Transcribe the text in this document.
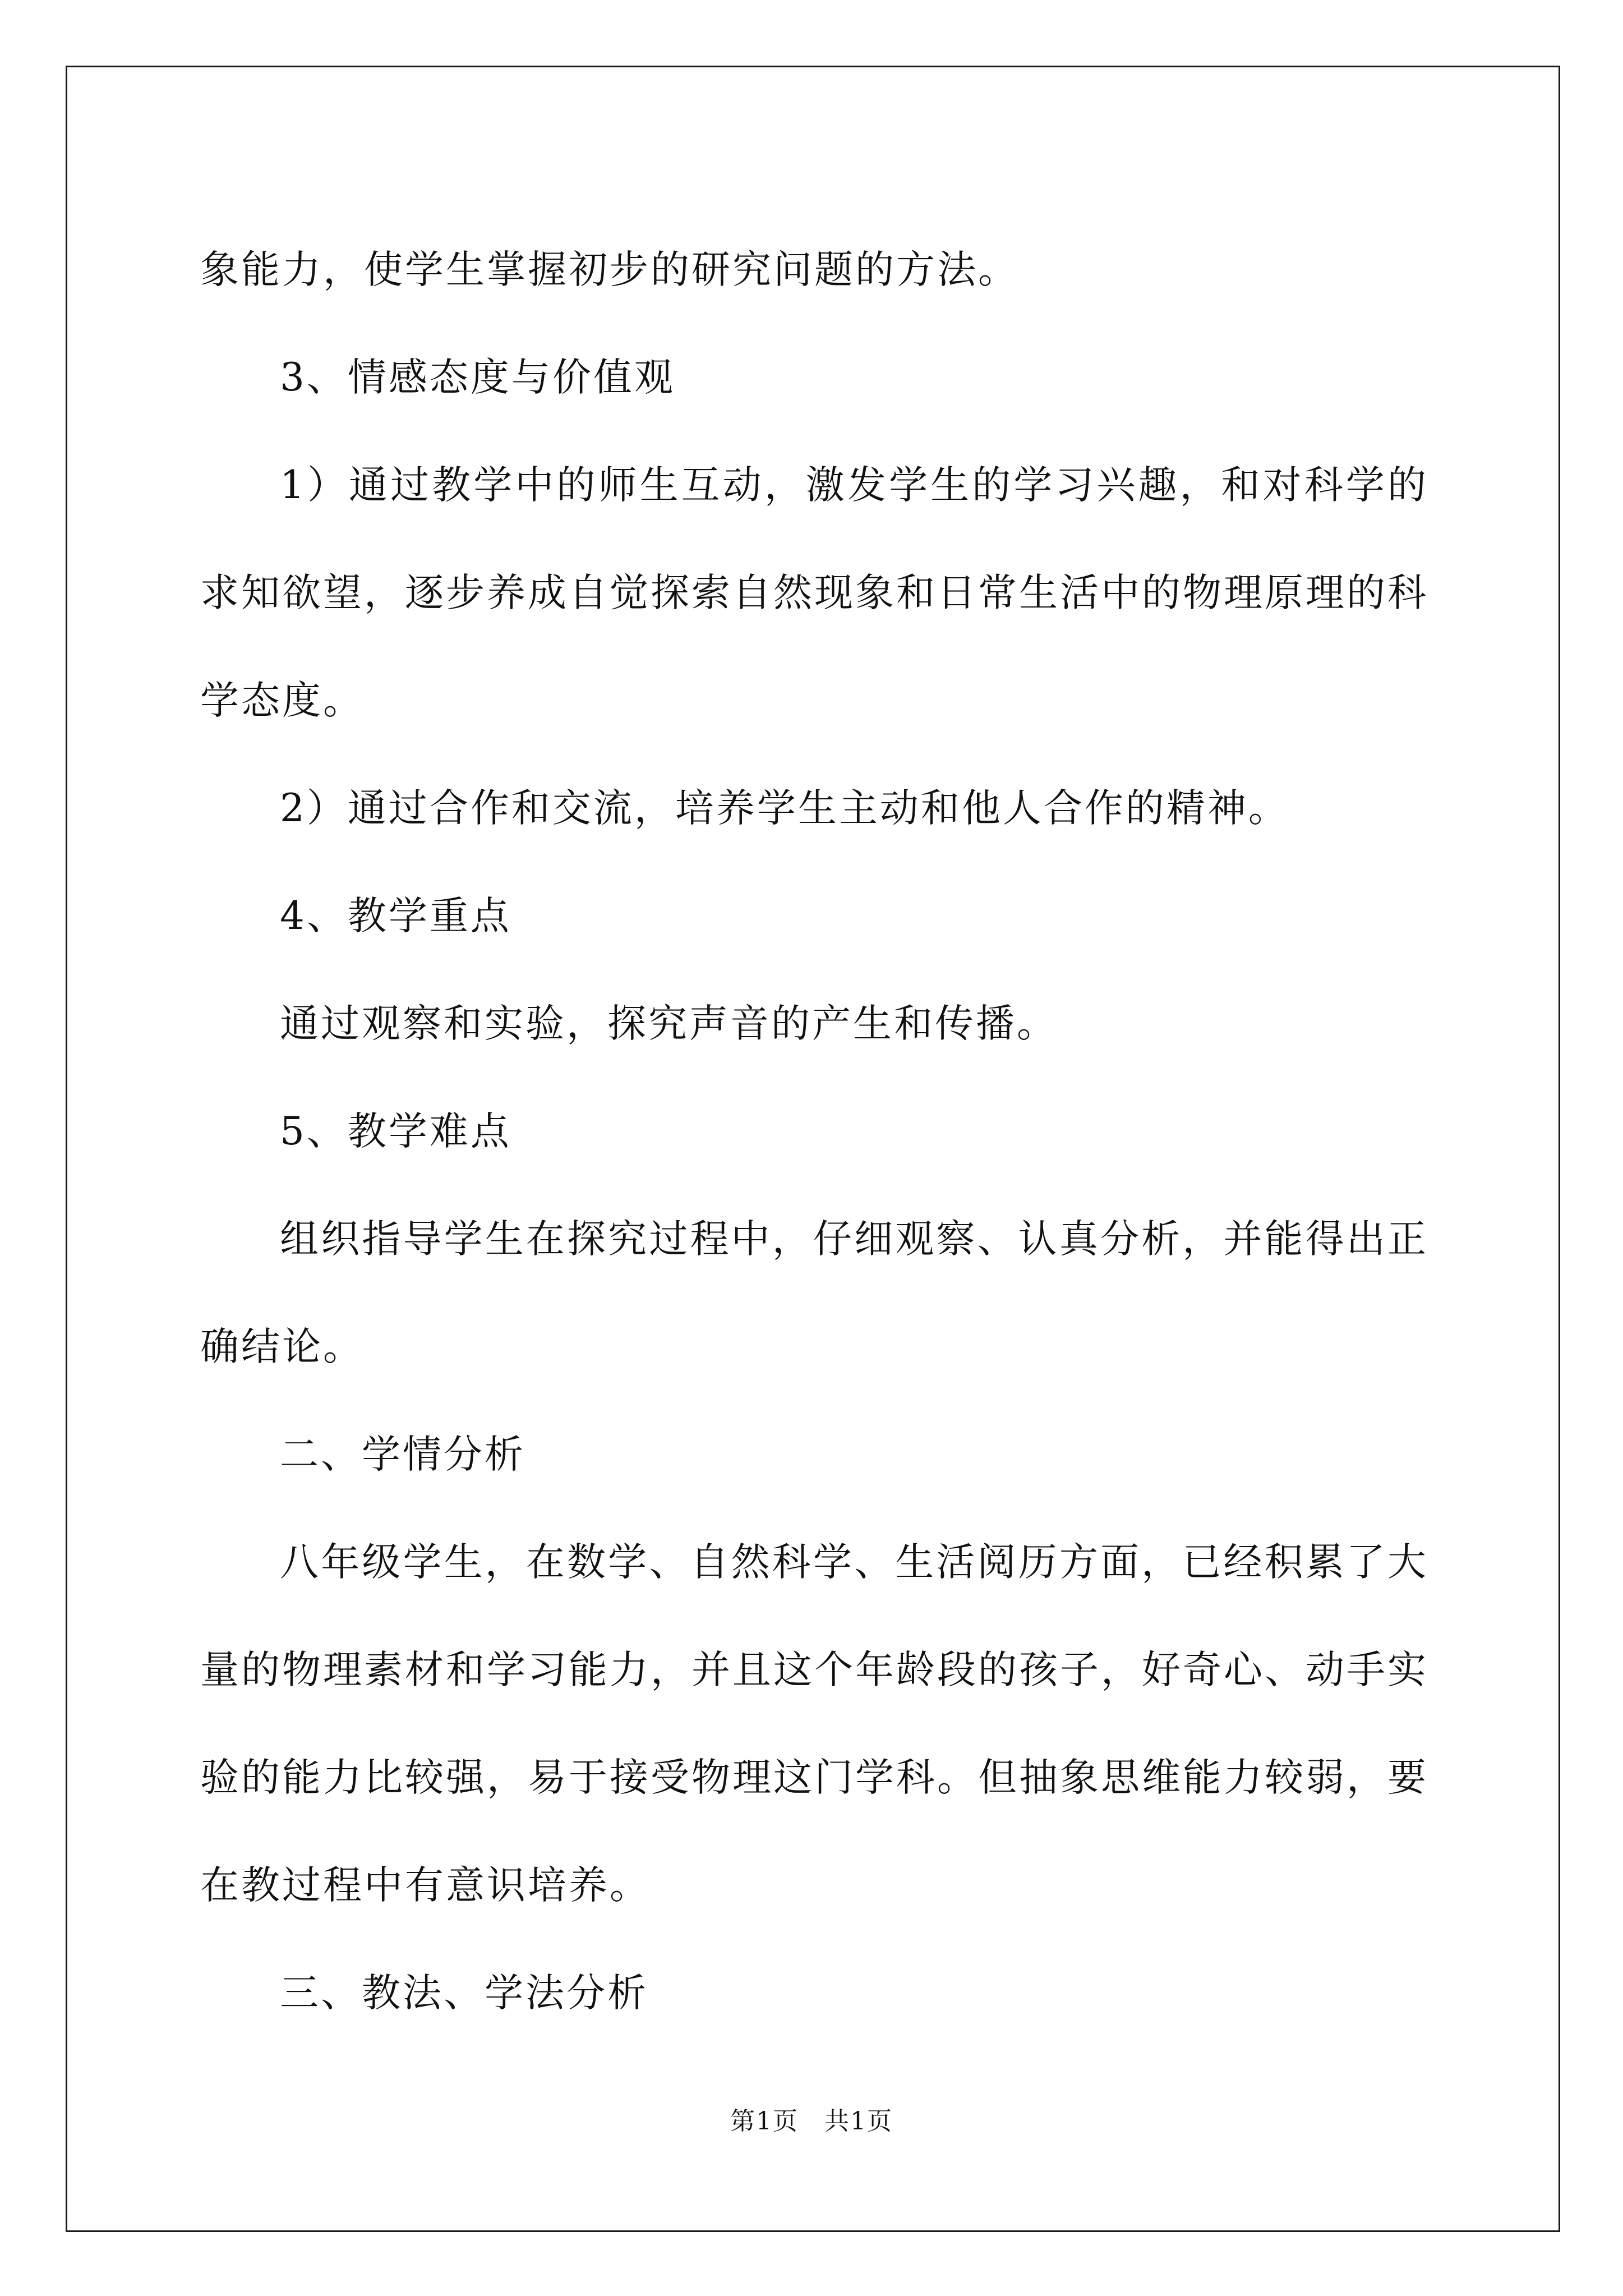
象能力，使学生掌握初步的研究问题的方法。

3、情感态度与价值观

1）通过教学中的师生互动，激发学生的学习兴趣，和对科学的求知欲望，逐步养成自觉探索自然现象和日常生活中的物理原理的科学态度。

2）通过合作和交流，培养学生主动和他人合作的精神。

4、教学重点

通过观察和实验，探究声音的产生和传播。

5、教学难点

组织指导学生在探究过程中，仔细观察、认真分析，并能得出正确结论。

二、学情分析

八年级学生，在数学、自然科学、生活阅历方面，已经积累了大量的物理素材和学习能力，并且这个年龄段的孩子，好奇心、动手实验的能力比较强，易于接受物理这门学科。但抽象思维能力较弱，要在教过程中有意识培养。

三、教法、学法分析

第1页　共1页
